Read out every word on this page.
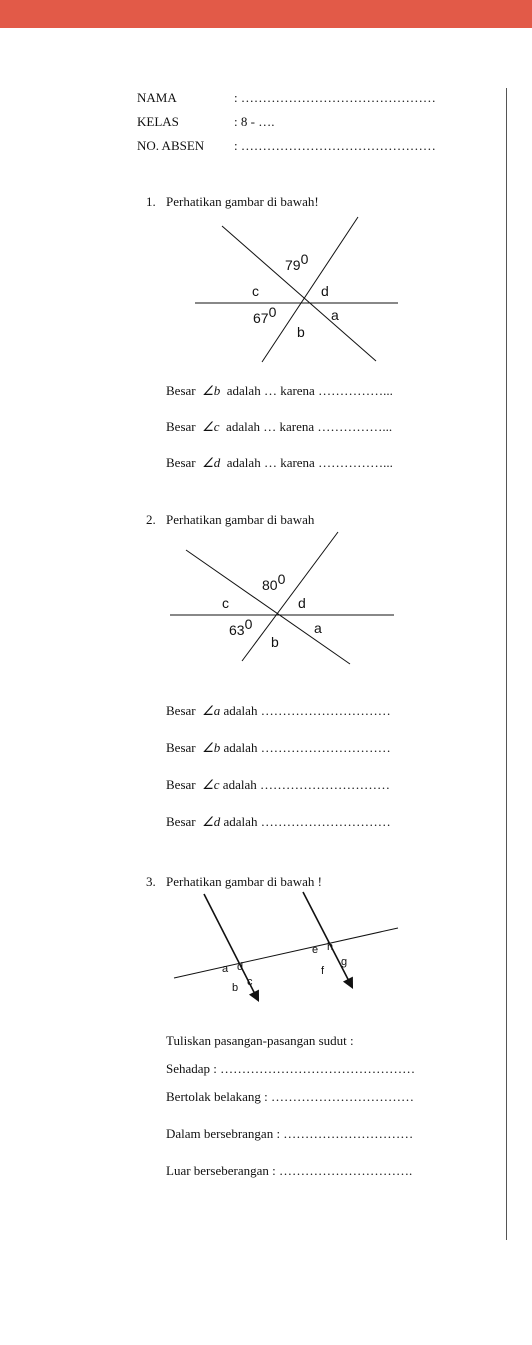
NAMA	: ………………………………………
KELAS	: 8 - ….
NO. ABSEN : ………………………………………
1. Perhatikan gambar di bawah!
790
c	d
670	a
b
Besar ∠b adalah … karena ……………...
Besar ∠c adalah … karena ……………...
Besar ∠d adalah … karena ……………...
2. Perhatikan gambar di bawah
800
c	d
630	a
b
Besar ∠a adalah …………………………
Besar ∠b adalah …………………………
Besar ∠c adalah …………………………
Besar ∠d adalah …………………………
3. Perhatikan gambar di bawah !
a d
c
b
e h
g
f
Tuliskan pasangan-pasangan sudut :
Sehadap : ………………………………………
Bertolak belakang : ……………………………
Dalam bersebrangan : …………………………
Luar berseberangan : ………………………….
